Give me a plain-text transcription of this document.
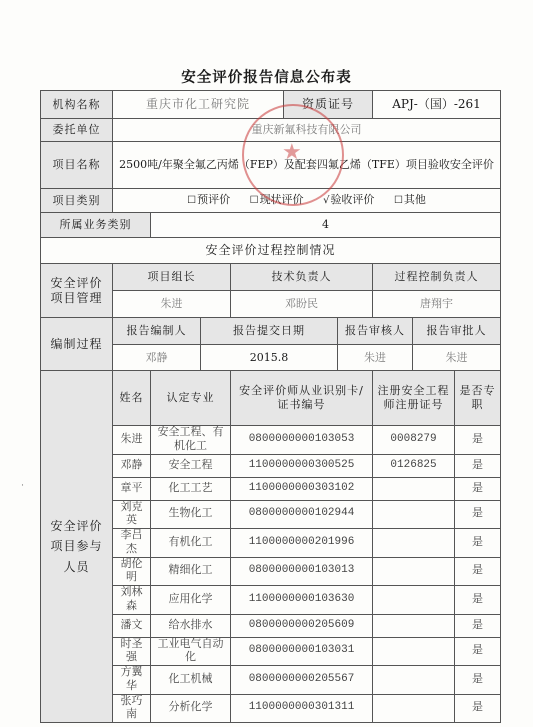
安全评价报告信息公布表
机构名称	重庆市化工研究院				资质证号		APJ-（国）-261		
委托单位	重庆新氟科技有限公司								
项目名称	2500吨/年聚全氟乙丙烯（FEP）及配套四氟乙烯（TFE）项目验收安全评价								
项目类别	☐预评价 ☐现状评价 √验收评价 ☐其他								
所属业务类别		4							
安全评价过程控制情况									
安全评价
项目管理	项目组长			技术负责人			过程控制负责人		
	朱进			邓盼民			唐翔宇		
编制过程	报告编制人		报告提交日期			报告审核人		报告审批人	
	邓静		2015.8			朱进		朱进	
安全评价
项目参与
人员	姓名	认定专业		安全评价师从业识别卡/证书编号			注册安全工程师注册证号		是否专职
	朱进	安全工程、有机化工		0800000000103053			0008279		是
	邓静	安全工程		1100000000300525			0126825		是
	章平	化工工艺		1100000000303102					是
	刘克英	生物化工		0800000000102944					是
	李吕杰	有机化工		1100000000201996					是
	胡伦明	精细化工		0800000000103013					是
	刘林森	应用化学		1100000000103630					是
	潘文	给水排水		0800000000205609					是
	时圣强	工业电气自动化		0800000000103031					是
	方翼华	化工机械		0800000000205567					是
	张巧南	分析化学		1100000000301311					是
★
˙
